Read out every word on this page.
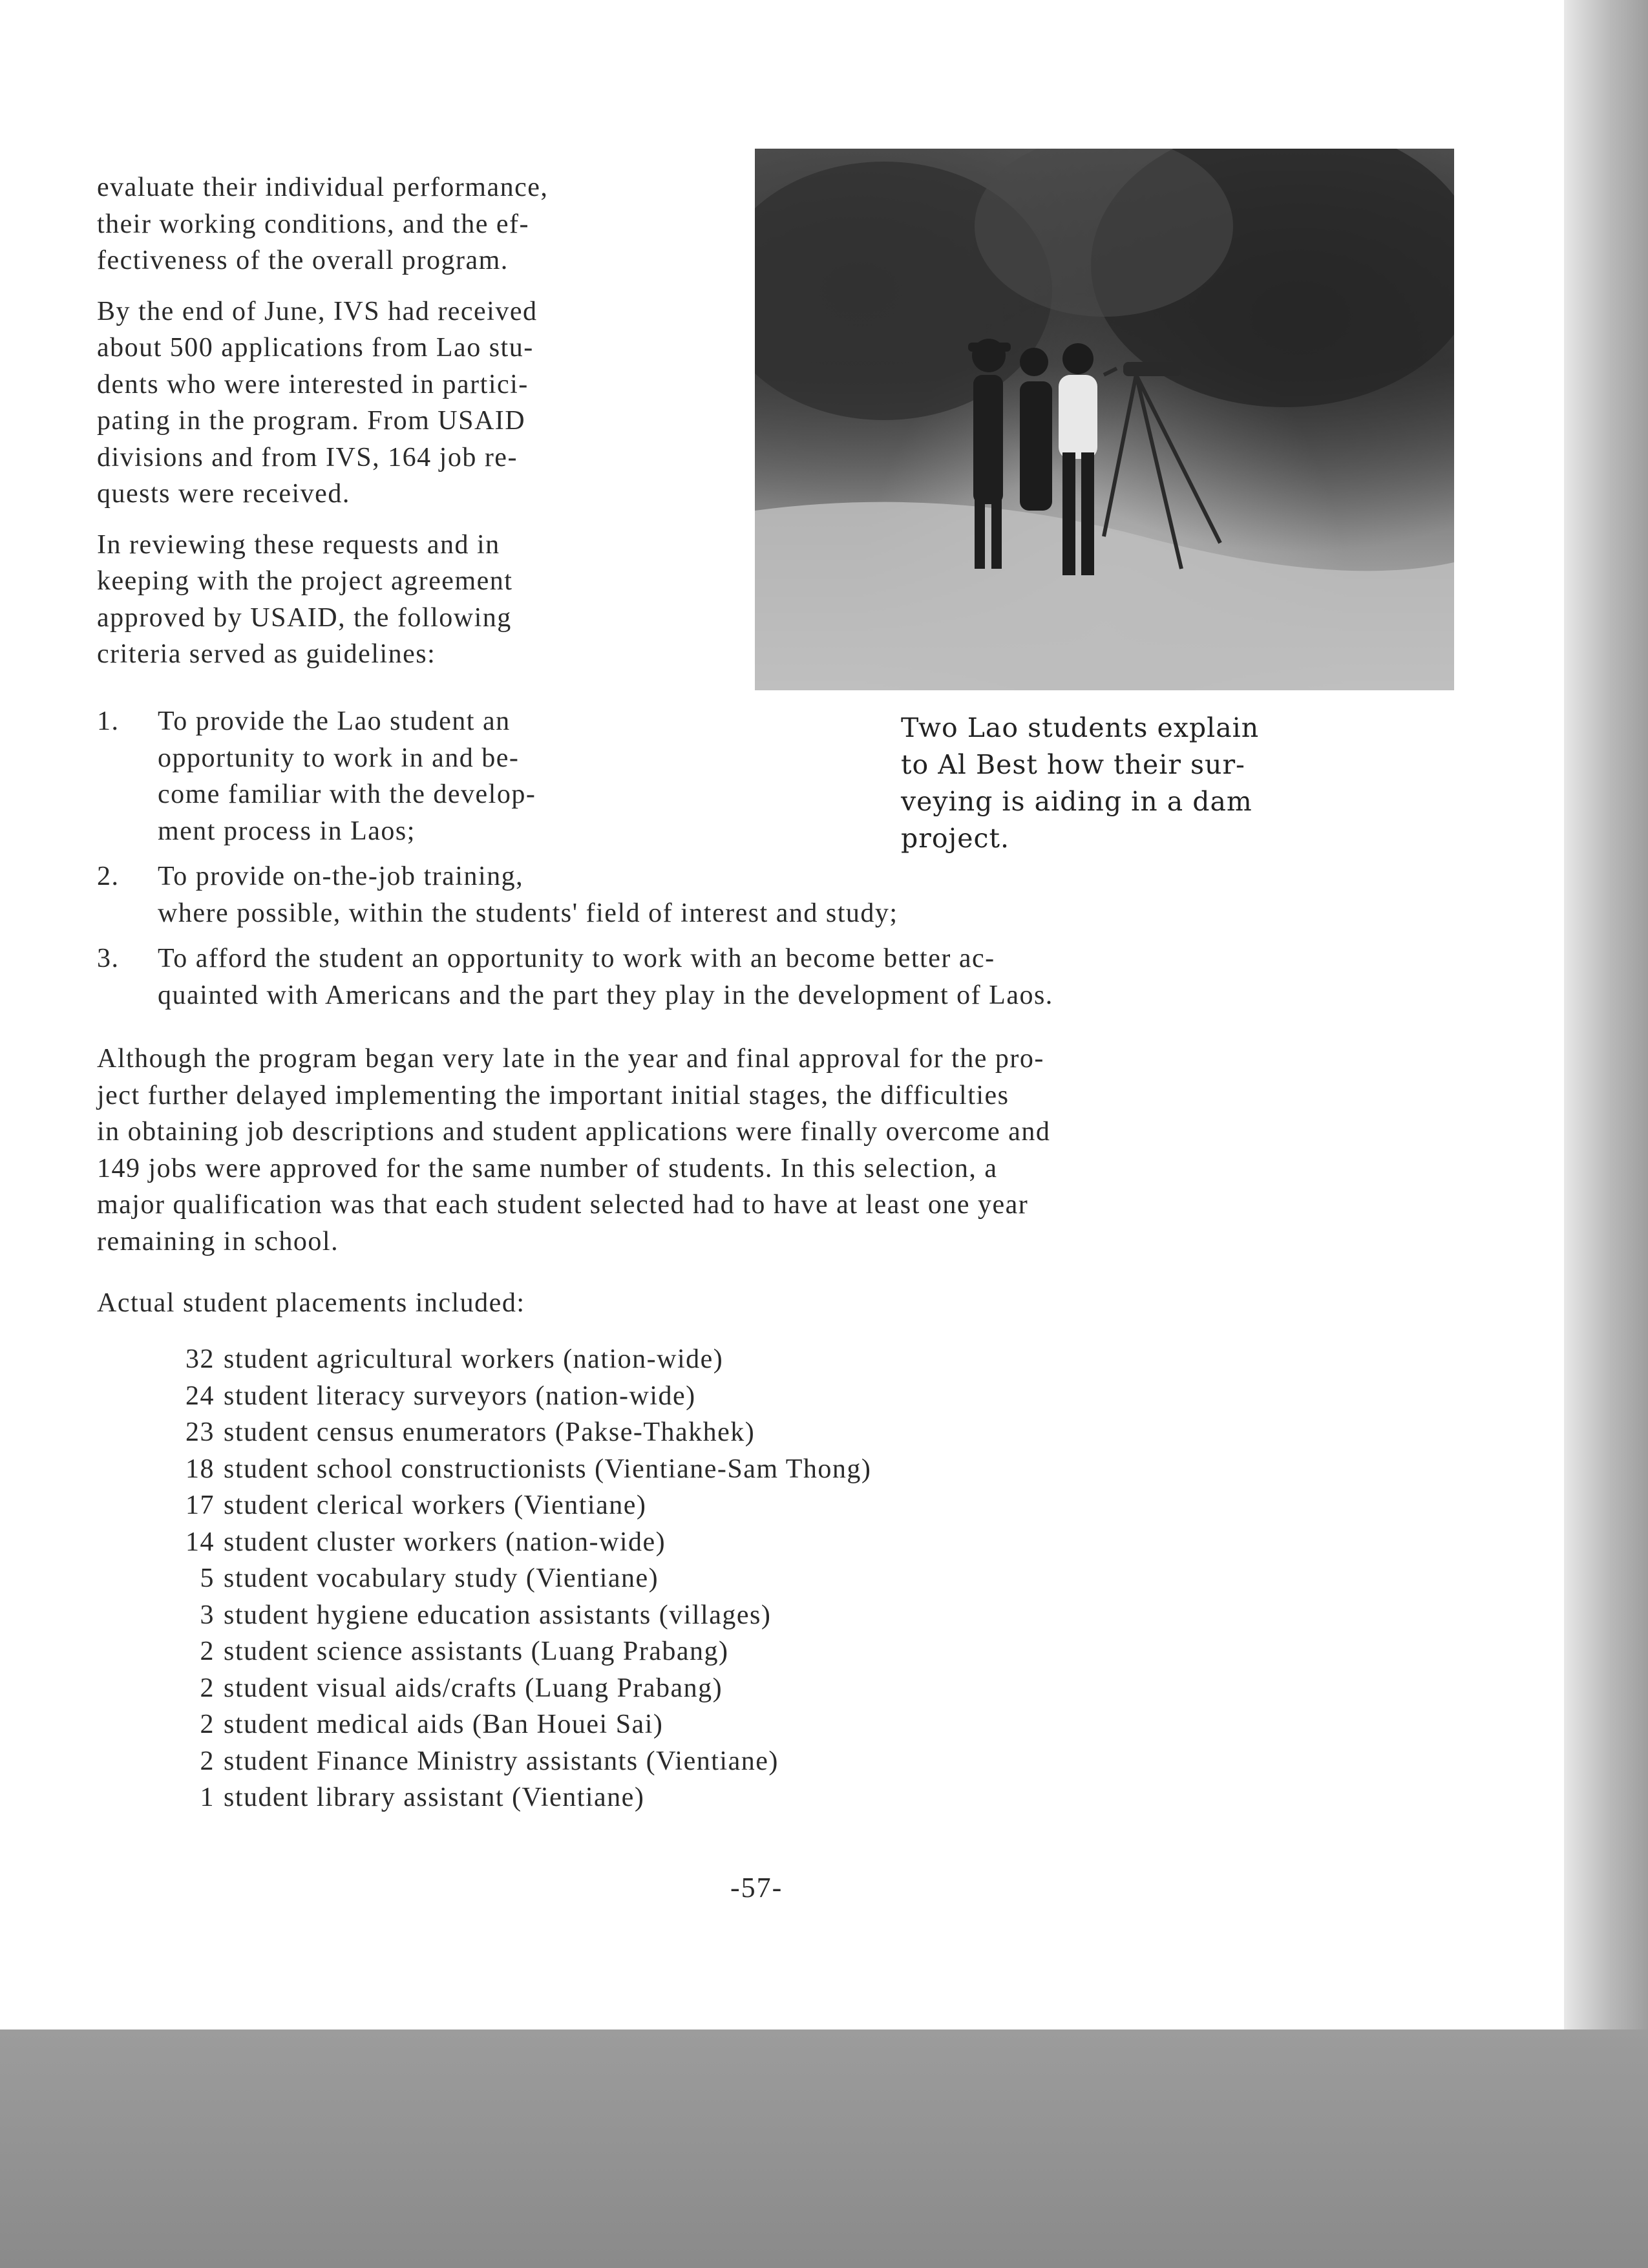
evaluate their individual performance,

their working conditions, and the ef-

fectiveness of the overall program.

By the end of June, IVS had received

about 500 applications from Lao stu-

dents who were interested in partici-

pating in the program. From USAID

divisions and from IVS, 164 job re-

quests were received.

In reviewing these requests and in

keeping with the project agreement

approved by USAID, the following

criteria served as guidelines:

Two Lao students explain

to Al Best how their sur-

veying is aiding in a dam

project.

1. To provide the Lao student an

opportunity to work in and be-

come familiar with the develop-

ment process in Laos;

2. To provide on-the-job training,

where possible, within the students' field of interest and study;

3. To afford the student an opportunity to work with an become better ac-

quainted with Americans and the part they play in the development of Laos.

Although the program began very late in the year and final approval for the pro-

ject further delayed implementing the important initial stages, the difficulties

in obtaining job descriptions and student applications were finally overcome and

149 jobs were approved for the same number of students. In this selection, a

major qualification was that each student selected had to have at least one year

remaining in school.

Actual student placements included:
32 student agricultural workers (nation-wide)
24 student literacy surveyors (nation-wide)
23 student census enumerators (Pakse-Thakhek)
18 student school constructionists (Vientiane-Sam Thong)
17 student clerical workers (Vientiane)
14 student cluster workers (nation-wide)
5 student vocabulary study (Vientiane)
3 student hygiene education assistants (villages)
2 student science assistants (Luang Prabang)
2 student visual aids/crafts (Luang Prabang)
2 student medical aids (Ban Houei Sai)
2 student Finance Ministry assistants (Vientiane)
1 student library assistant (Vientiane)
-57-
